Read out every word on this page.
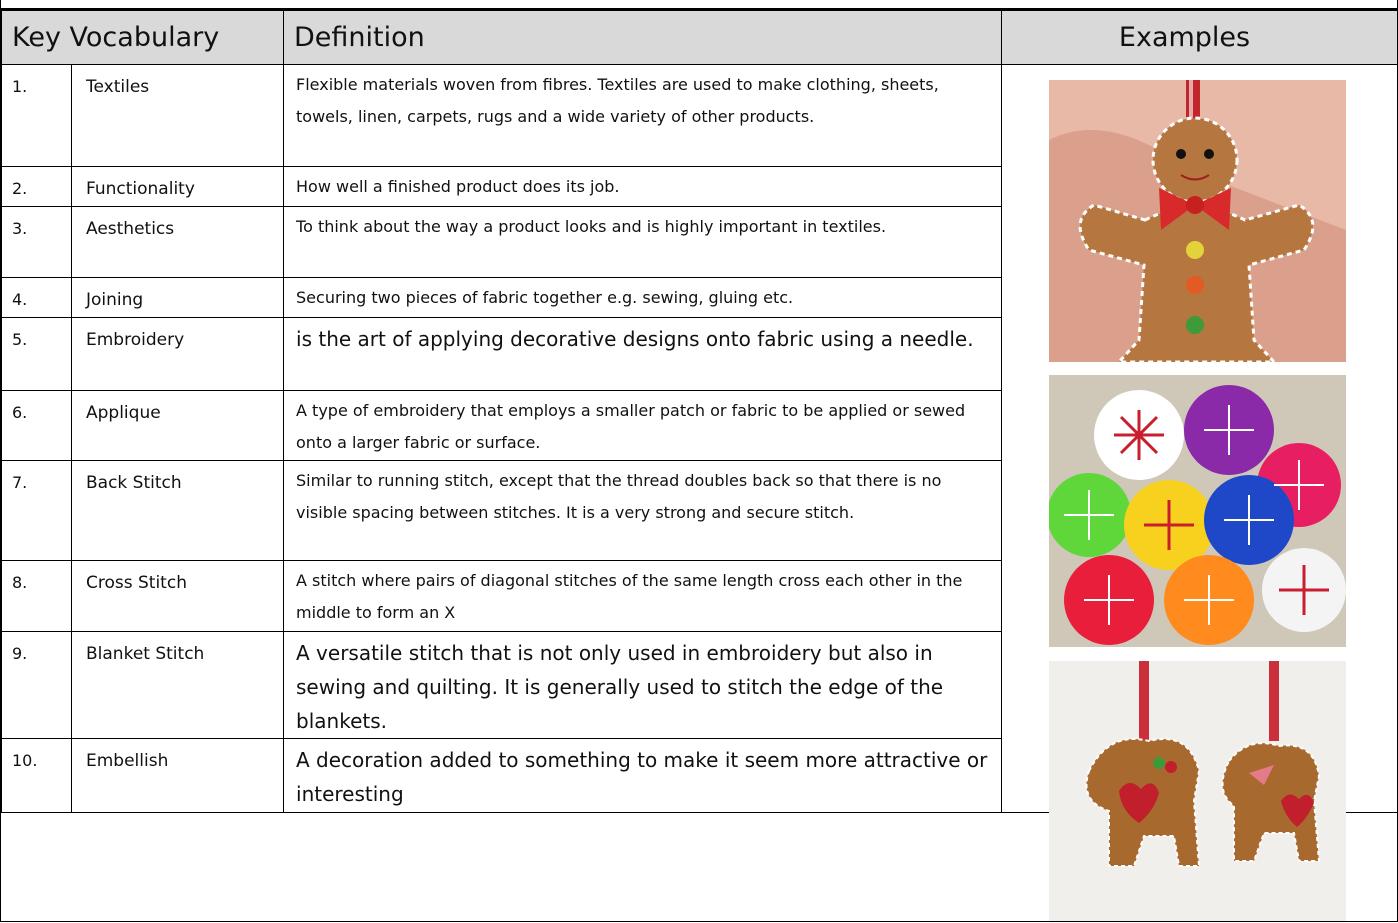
Key Vocabulary		Definition	Examples
1.	Textiles	Flexible materials woven from fibres. Textiles are used to make clothing, sheets, towels, linen, carpets, rugs and a wide variety of other products.	

2.	Functionality	How well a finished product does its job.	
3.	Aesthetics	To think about the way a product looks and is highly important in textiles.	
4.	Joining	Securing two pieces of fabric together e.g. sewing, gluing etc.	
5.	Embroidery	is the art of applying decorative designs onto fabric using a needle.	
6.	Applique	A type of embroidery that employs a smaller patch or fabric to be applied or sewed onto a larger fabric or surface.	
7.	Back Stitch	Similar to running stitch, except that the thread doubles back so that there is no visible spacing between stitches. It is a very strong and secure stitch.	
8.	Cross Stitch	A stitch where pairs of diagonal stitches of the same length cross each other in the middle to form an X	
9.	Blanket Stitch	A versatile stitch that is not only used in embroidery but also in sewing and quilting. It is generally used to stitch the edge of the blankets.	
10.	Embellish	A decoration added to something to make it seem more attractive or interesting	
